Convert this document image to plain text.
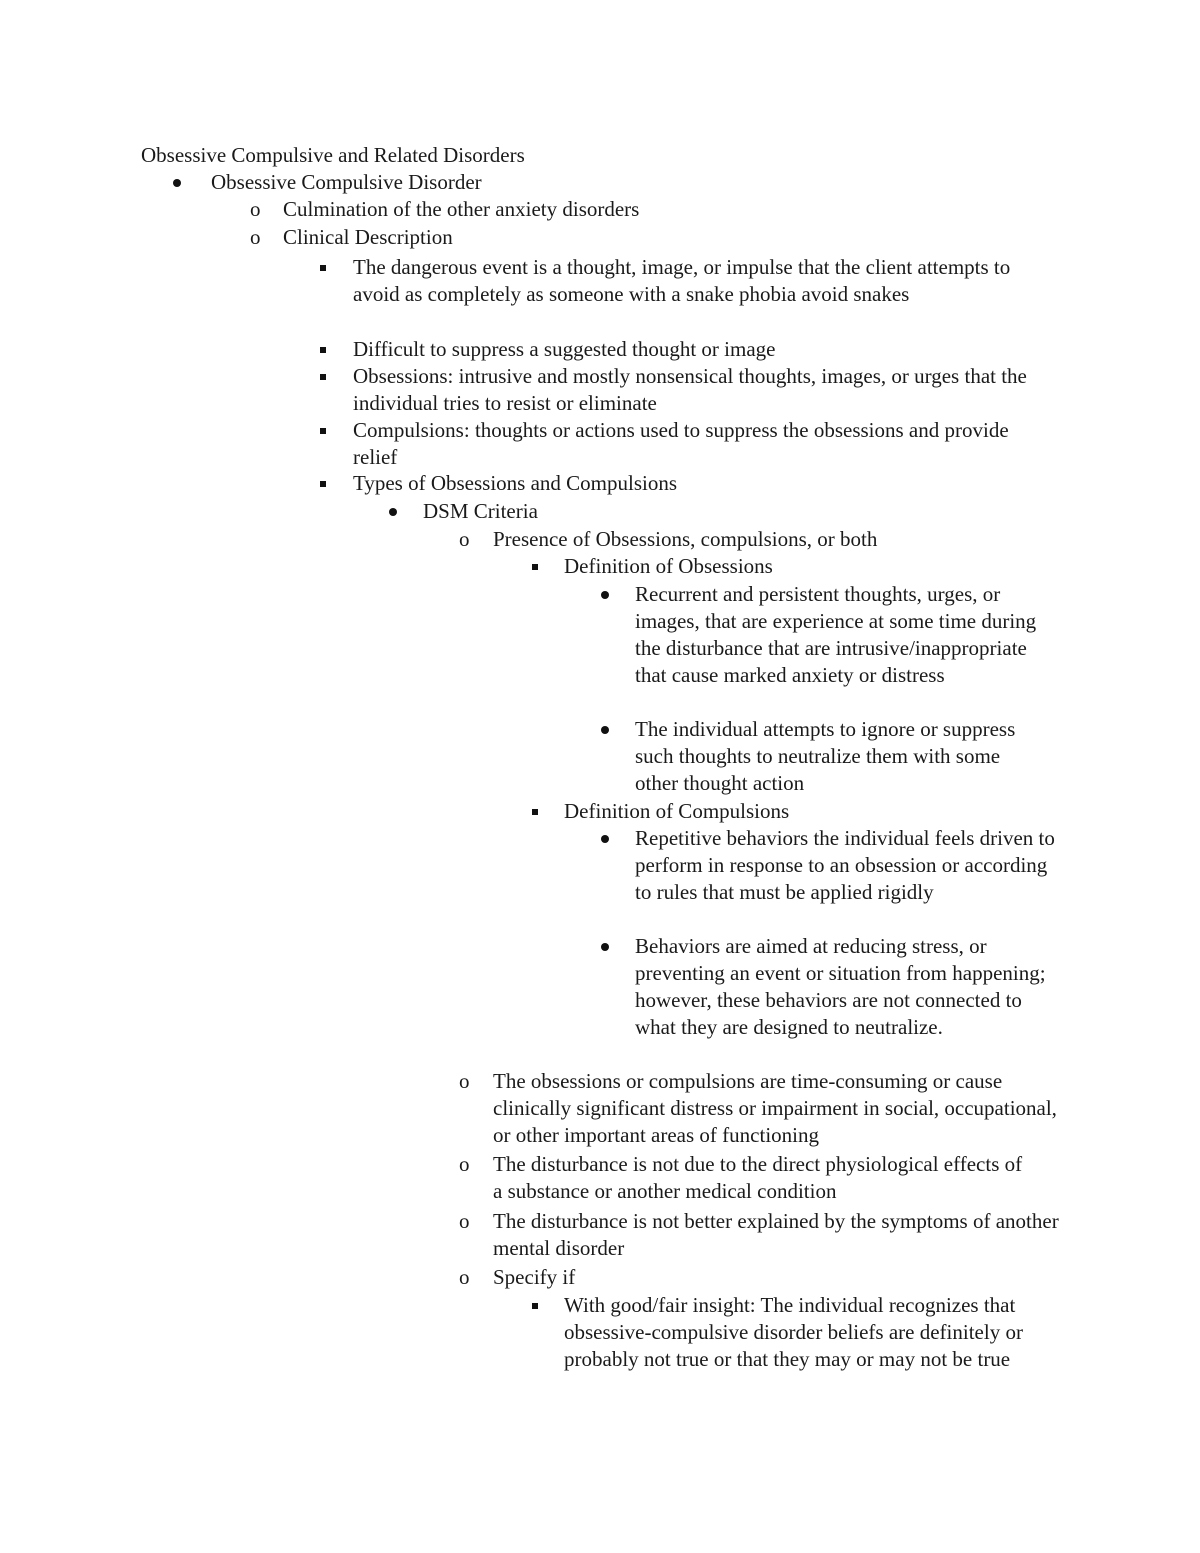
Obsessive Compulsive and Related Disorders
Obsessive Compulsive Disorder
o	Culmination of the other anxiety disorders
o	Clinical Description
The dangerous event is a thought, image, or impulse that the client attempts to avoid as completely as someone with a snake phobia avoid snakes
Difficult to suppress a suggested thought or image
Obsessions: intrusive and mostly nonsensical thoughts, images, or urges that the individual tries to resist or eliminate
Compulsions: thoughts or actions used to suppress the obsessions and provide relief
Types of Obsessions and Compulsions
DSM Criteria
o	Presence of Obsessions, compulsions, or both
Definition of Obsessions
Recurrent and persistent thoughts, urges, or images, that are experience at some time during the disturbance that are intrusive/inappropriate that cause marked anxiety or distress
The individual attempts to ignore or suppress such thoughts to neutralize them with some other thought action
Definition of Compulsions
Repetitive behaviors the individual feels driven to perform in response to an obsession or according to rules that must be applied rigidly
Behaviors are aimed at reducing stress, or preventing an event or situation from happening; however, these behaviors are not connected to what they are designed to neutralize.
o	The obsessions or compulsions are time-consuming or cause clinically significant distress or impairment in social, occupational, or other important areas of functioning
o	The disturbance is not due to the direct physiological effects of a substance or another medical condition
o	The disturbance is not better explained by the symptoms of another mental disorder
o	Specify if
With good/fair insight: The individual recognizes that obsessive-compulsive disorder beliefs are definitely or probably not true or that they may or may not be true
